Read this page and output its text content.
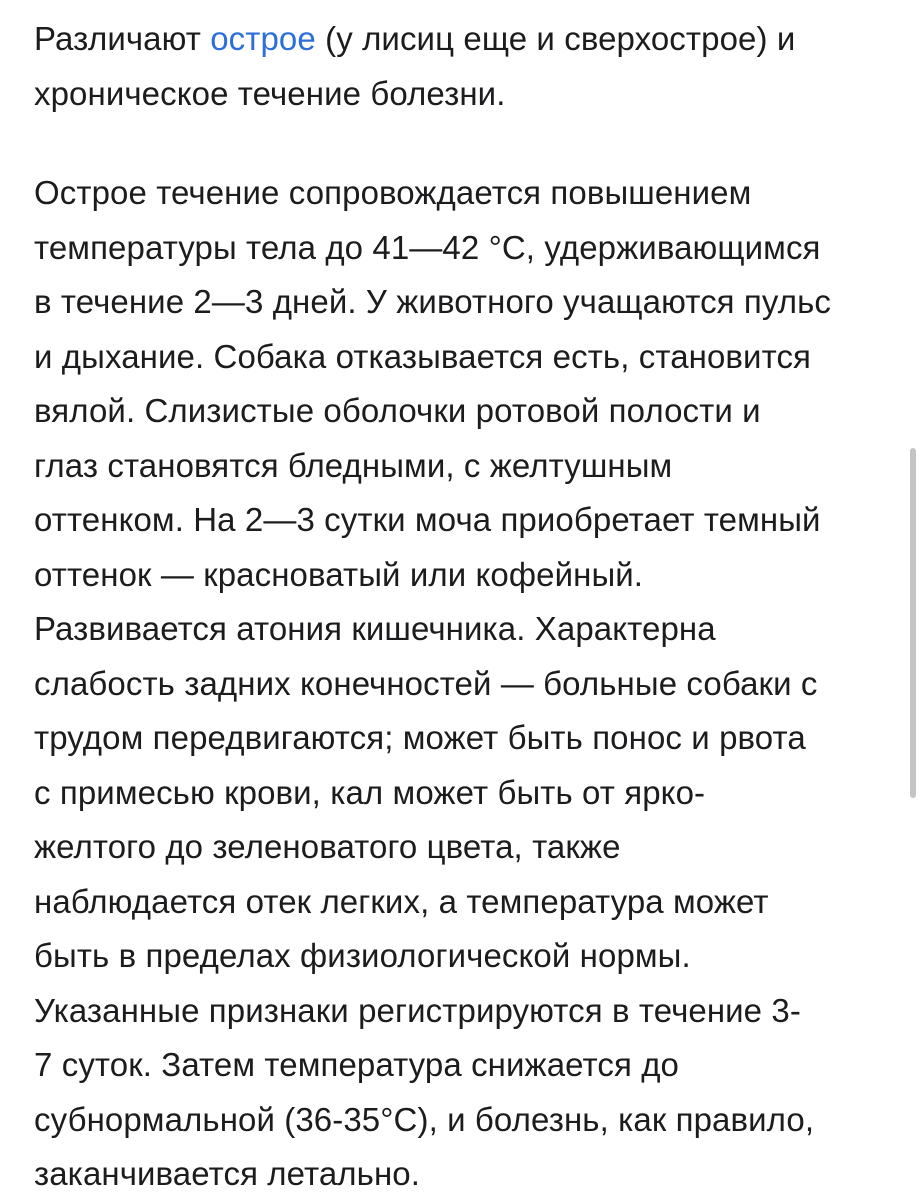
Различают острое (у лисиц еще и сверхострое) и
хроническое течение болезни.

Острое течение сопровождается повышением
температуры тела до 41—42 °C, удерживающимся
в течение 2—3 дней. У животного учащаются пульс
и дыхание. Собака отказывается есть, становится
вялой. Слизистые оболочки ротовой полости и
глаз становятся бледными, с желтушным
оттенком. На 2—3 сутки моча приобретает темный
оттенок — красноватый или кофейный.
Развивается атония кишечника. Характерна
слабость задних конечностей — больные собаки с
трудом передвигаются; может быть понос и рвота
с примесью крови, кал может быть от ярко-
желтого до зеленоватого цвета, также
наблюдается отек легких, а температура может
быть в пределах физиологической нормы.
Указанные признаки регистрируются в течение 3-
7 суток. Затем температура снижается до
субнормальной (36-35°C), и болезнь, как правило,
заканчивается летально.
